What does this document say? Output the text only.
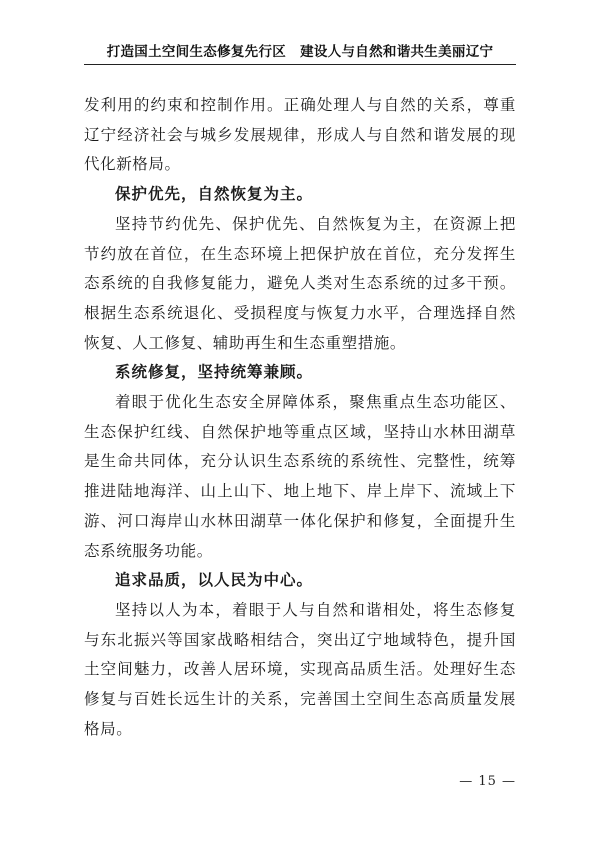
打造国土空间生态修复先行区 建设人与自然和谐共生美丽辽宁

发利用的约束和控制作用。正确处理人与自然的关系，尊重辽宁经济社会与城乡发展规律，形成人与自然和谐发展的现代化新格局。

保护优先，自然恢复为主。

坚持节约优先、保护优先、自然恢复为主，在资源上把节约放在首位，在生态环境上把保护放在首位，充分发挥生态系统的自我修复能力，避免人类对生态系统的过多干预。根据生态系统退化、受损程度与恢复力水平，合理选择自然恢复、人工修复、辅助再生和生态重塑措施。

系统修复，坚持统筹兼顾。

着眼于优化生态安全屏障体系，聚焦重点生态功能区、生态保护红线、自然保护地等重点区域，坚持山水林田湖草是生命共同体，充分认识生态系统的系统性、完整性，统筹推进陆地海洋、山上山下、地上地下、岸上岸下、流域上下游、河口海岸山水林田湖草一体化保护和修复，全面提升生态系统服务功能。

追求品质，以人民为中心。

坚持以人为本，着眼于人与自然和谐相处，将生态修复与东北振兴等国家战略相结合，突出辽宁地域特色，提升国土空间魅力，改善人居环境，实现高品质生活。处理好生态修复与百姓长远生计的关系，完善国土空间生态高质量发展格局。

— 15 —
